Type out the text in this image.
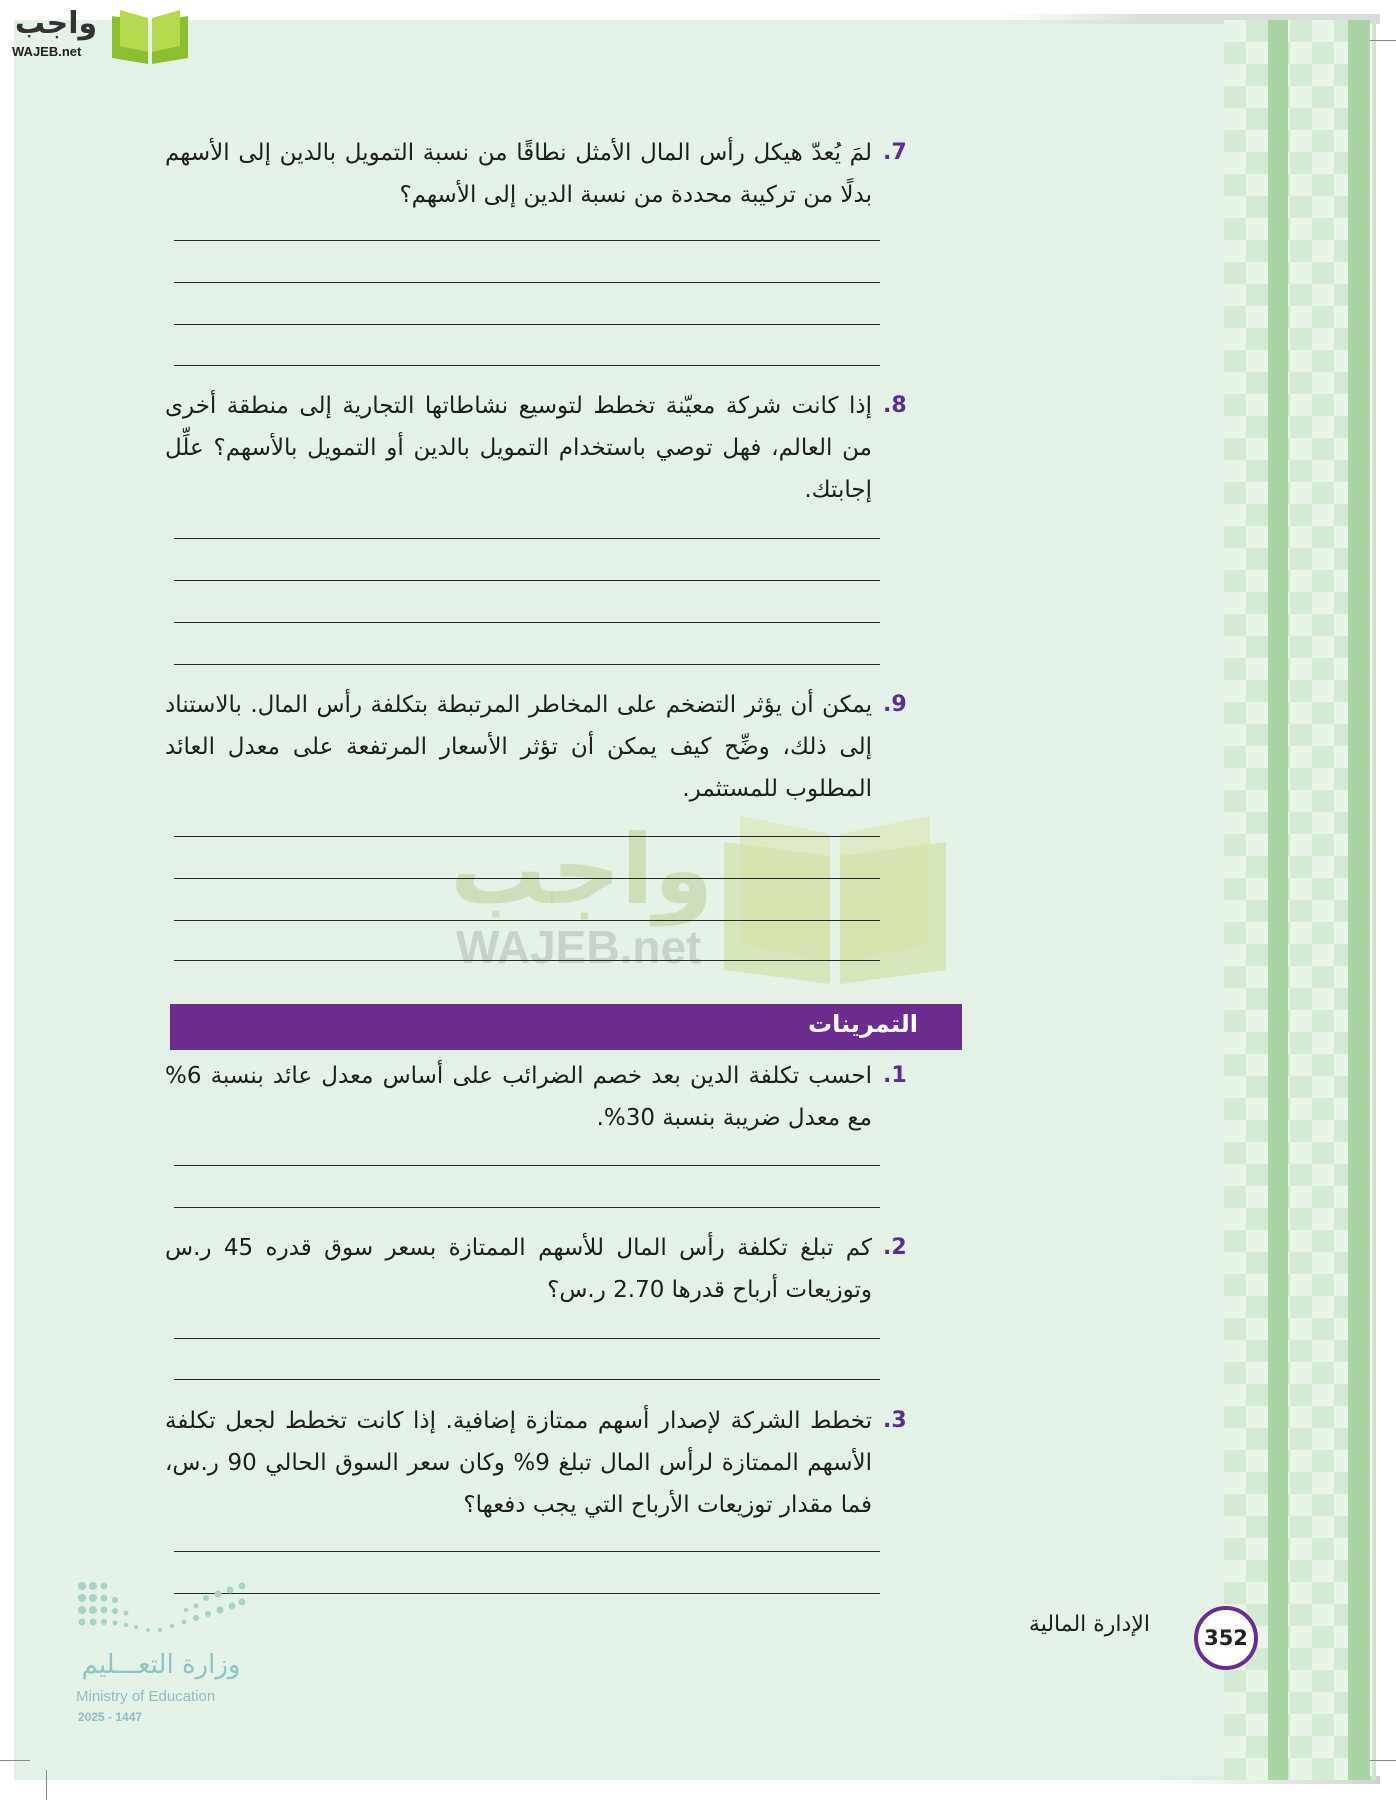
واجب
WAJEB.net
واجب
WAJEB.net
.7
لمَ يُعدّ هيكل رأس المال الأمثل نطاقًا من نسبة التمويل بالدين إلى الأسهم بدلًا من تركيبة محددة من نسبة الدين إلى الأسهم؟
.8
إذا كانت شركة معيّنة تخطط لتوسيع نشاطاتها التجارية إلى منطقة أخرى من العالم، فهل توصي باستخدام التمويل بالدين أو التمويل بالأسهم؟ علِّل إجابتك.
.9
يمكن أن يؤثر التضخم على المخاطر المرتبطة بتكلفة رأس المال. بالاستناد إلى ذلك، وضِّح كيف يمكن أن تؤثر الأسعار المرتفعة على معدل العائد المطلوب للمستثمر.
التمرينات
.1
احسب تكلفة الدين بعد خصم الضرائب على أساس معدل عائد بنسبة 6% مع معدل ضريبة بنسبة 30%.
.2
كم تبلغ تكلفة رأس المال للأسهم الممتازة بسعر سوق قدره 45 ر.س وتوزيعات أرباح قدرها 2.70 ر.س؟
.3
تخطط الشركة لإصدار أسهم ممتازة إضافية. إذا كانت تخطط لجعل تكلفة الأسهم الممتازة لرأس المال تبلغ 9% وكان سعر السوق الحالي 90 ر.س، فما مقدار توزيعات الأرباح التي يجب دفعها؟
وزارة التعـــليم
Ministry of Education
2025 - 1447
الإدارة المالية
352
